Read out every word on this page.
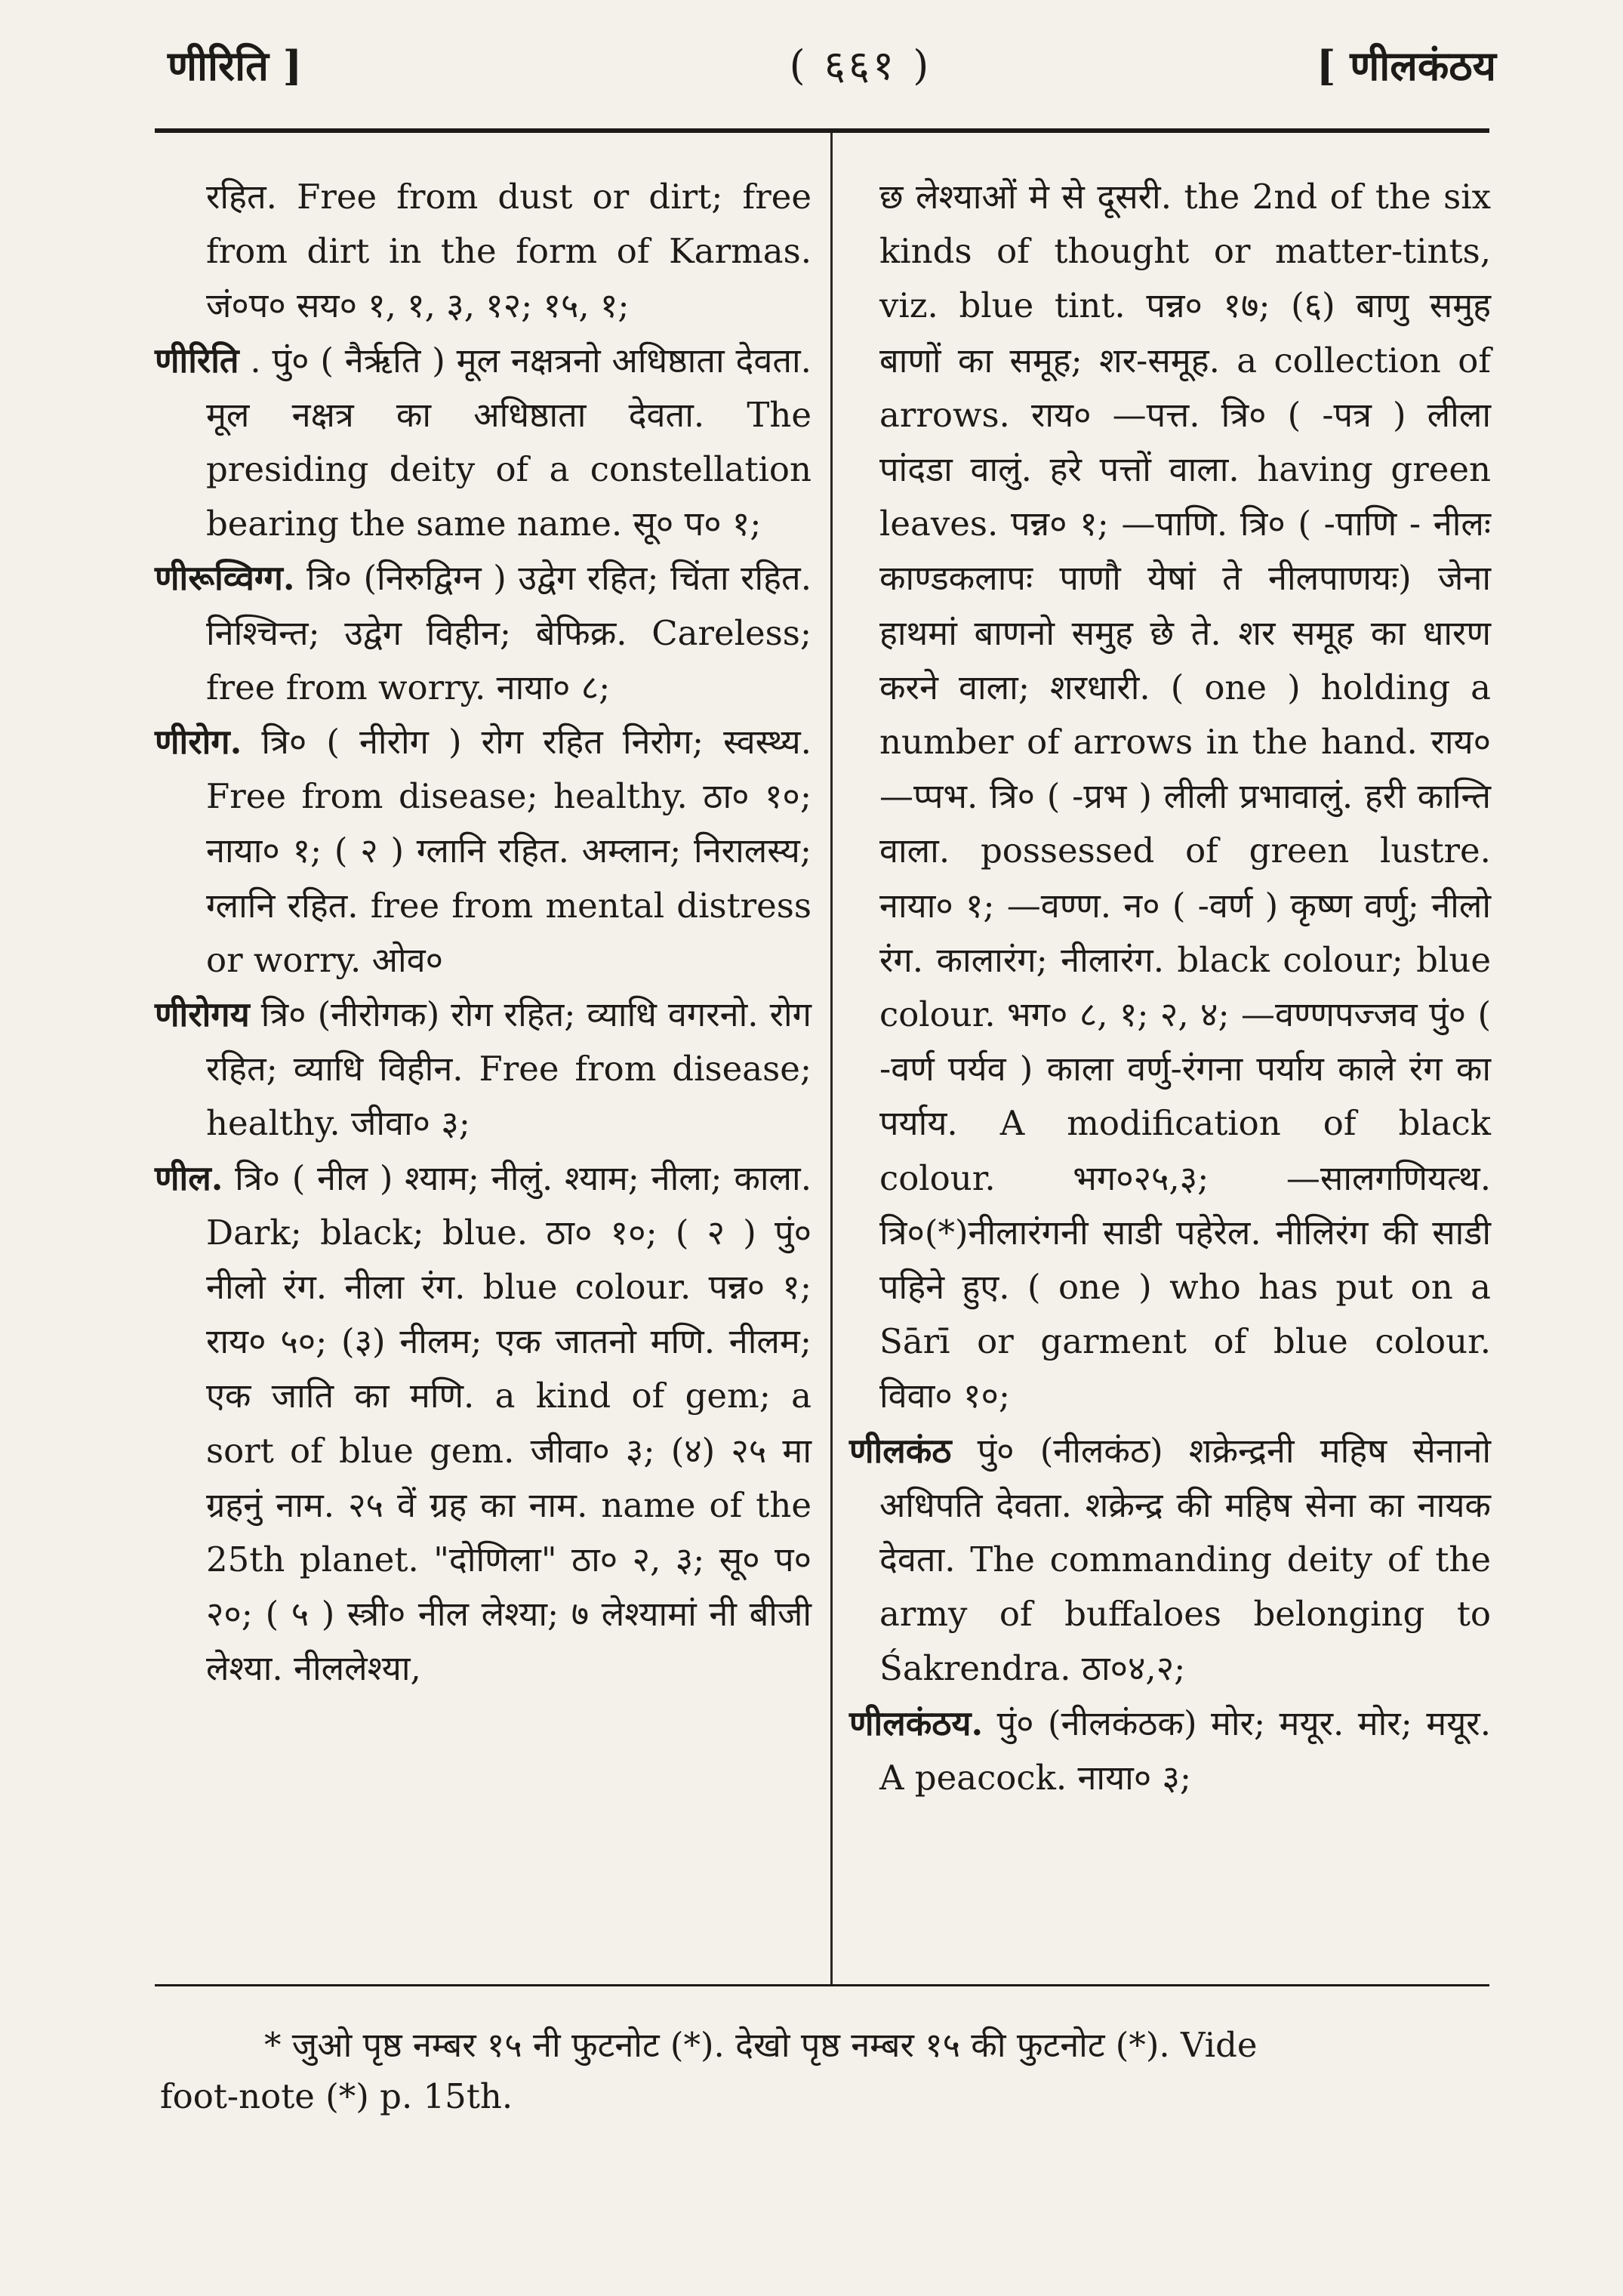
णीरिति ]	( ६६१ )	[ णीलकंठय

रहित. Free from dust or dirt; free from dirt in the form of Karmas. जं०प० सय० १, १, ३, १२; १५, १;

णीरिति . पुं० ( नैर्ऋति ) मूल नक्षत्रनो अधिष्ठाता देवता. मूल नक्षत्र का अधिष्ठाता देवता. The presiding deity of a constellation bearing the same name. सू० प० १;

णीरूव्विग्ग. त्रि० (निरुद्विग्न ) उद्वेग रहित; चिंता रहित. निश्चिन्त; उद्वेग विहीन; बेफिक्र. Careless; free from worry. नाया० ८;

णीरोग. त्रि० ( नीरोग ) रोग रहित निरोग; स्वस्थ्य. Free from disease; healthy. ठा० १०; नाया० १; ( २ ) ग्लानि रहित. अम्लान; निरालस्य; ग्लानि रहित. free from mental distress or worry. ओव०

णीरोगय त्रि० (नीरोगक) रोग रहित; व्याधि वगरनो. रोग रहित; व्याधि विहीन. Free from disease; healthy. जीवा० ३;

णील. त्रि० ( नील ) श्याम; नीलुं. श्याम; नीला; काला. Dark; black; blue. ठा० १०; ( २ ) पुं० नीलो रंग. नीला रंग. blue colour. पन्न० १; राय० ५०; (३) नीलम; एक जातनो मणि. नीलम; एक जाति का मणि. a kind of gem; a sort of blue gem. जीवा० ३; (४) २५ मा ग्रहनुं नाम. २५ वें ग्रह का नाम. name of the 25th planet. "दोणिला" ठा० २, ३; सू० प० २०; ( ५ ) स्त्री० नील लेश्या; ७ लेश्यामां नी बीजी लेश्या. नीललेश्या,

छ लेश्याओं मे से दूसरी. the 2nd of the six kinds of thought or matter-tints, viz. blue tint. पन्न० १७; (६) बाणु समुह बाणों का समूह; शर-समूह. a collection of arrows. राय० —पत्त. त्रि० ( -पत्र ) लीला पांदडा वालुं. हरे पत्तों वाला. having green leaves. पन्न० १; —पाणि. त्रि० ( -पाणि - नीलः काण्डकलापः पाणौ येषां ते नीलपाणयः) जेना हाथमां बाणनो समुह छे ते. शर समूह का धारण करने वाला; शरधारी. ( one ) holding a number of arrows in the hand. राय० —प्पभ. त्रि० ( -प्रभ ) लीली प्रभावालुं. हरी कान्ति वाला. possessed of green lustre. नाया० १; —वण्ण. न० ( -वर्ण ) कृष्ण वर्णु; नीलो रंग. कालारंग; नीलारंग. black colour; blue colour. भग० ८, १; २, ४; —वण्णपज्जव पुं० ( -वर्ण पर्यव ) काला वर्णु-रंगना पर्याय काले रंग का पर्याय. A modification of black colour. भग०२५,३; —सालगणियत्थ. त्रि०(*)नीलारंगनी साडी पहेरेल. नीलिरंग की साडी पहिने हुए. ( one ) who has put on a Sārī or garment of blue colour. विवा० १०;

णीलकंठ पुं० (नीलकंठ) शक्रेन्द्रनी महिष सेनानो अधिपति देवता. शक्रेन्द्र की महिष सेना का नायक देवता. The commanding deity of the army of buffaloes belonging to Śakrendra. ठा०४,२;

णीलकंठय. पुं० (नीलकंठक) मोर; मयूर. मोर; मयूर. A peacock. नाया० ३;

* जुओ पृष्ठ नम्बर १५ नी फुटनोट (*). देखो पृष्ठ नम्बर १५ की फुटनोट (*). Vide
foot-note (*) p. 15th.
